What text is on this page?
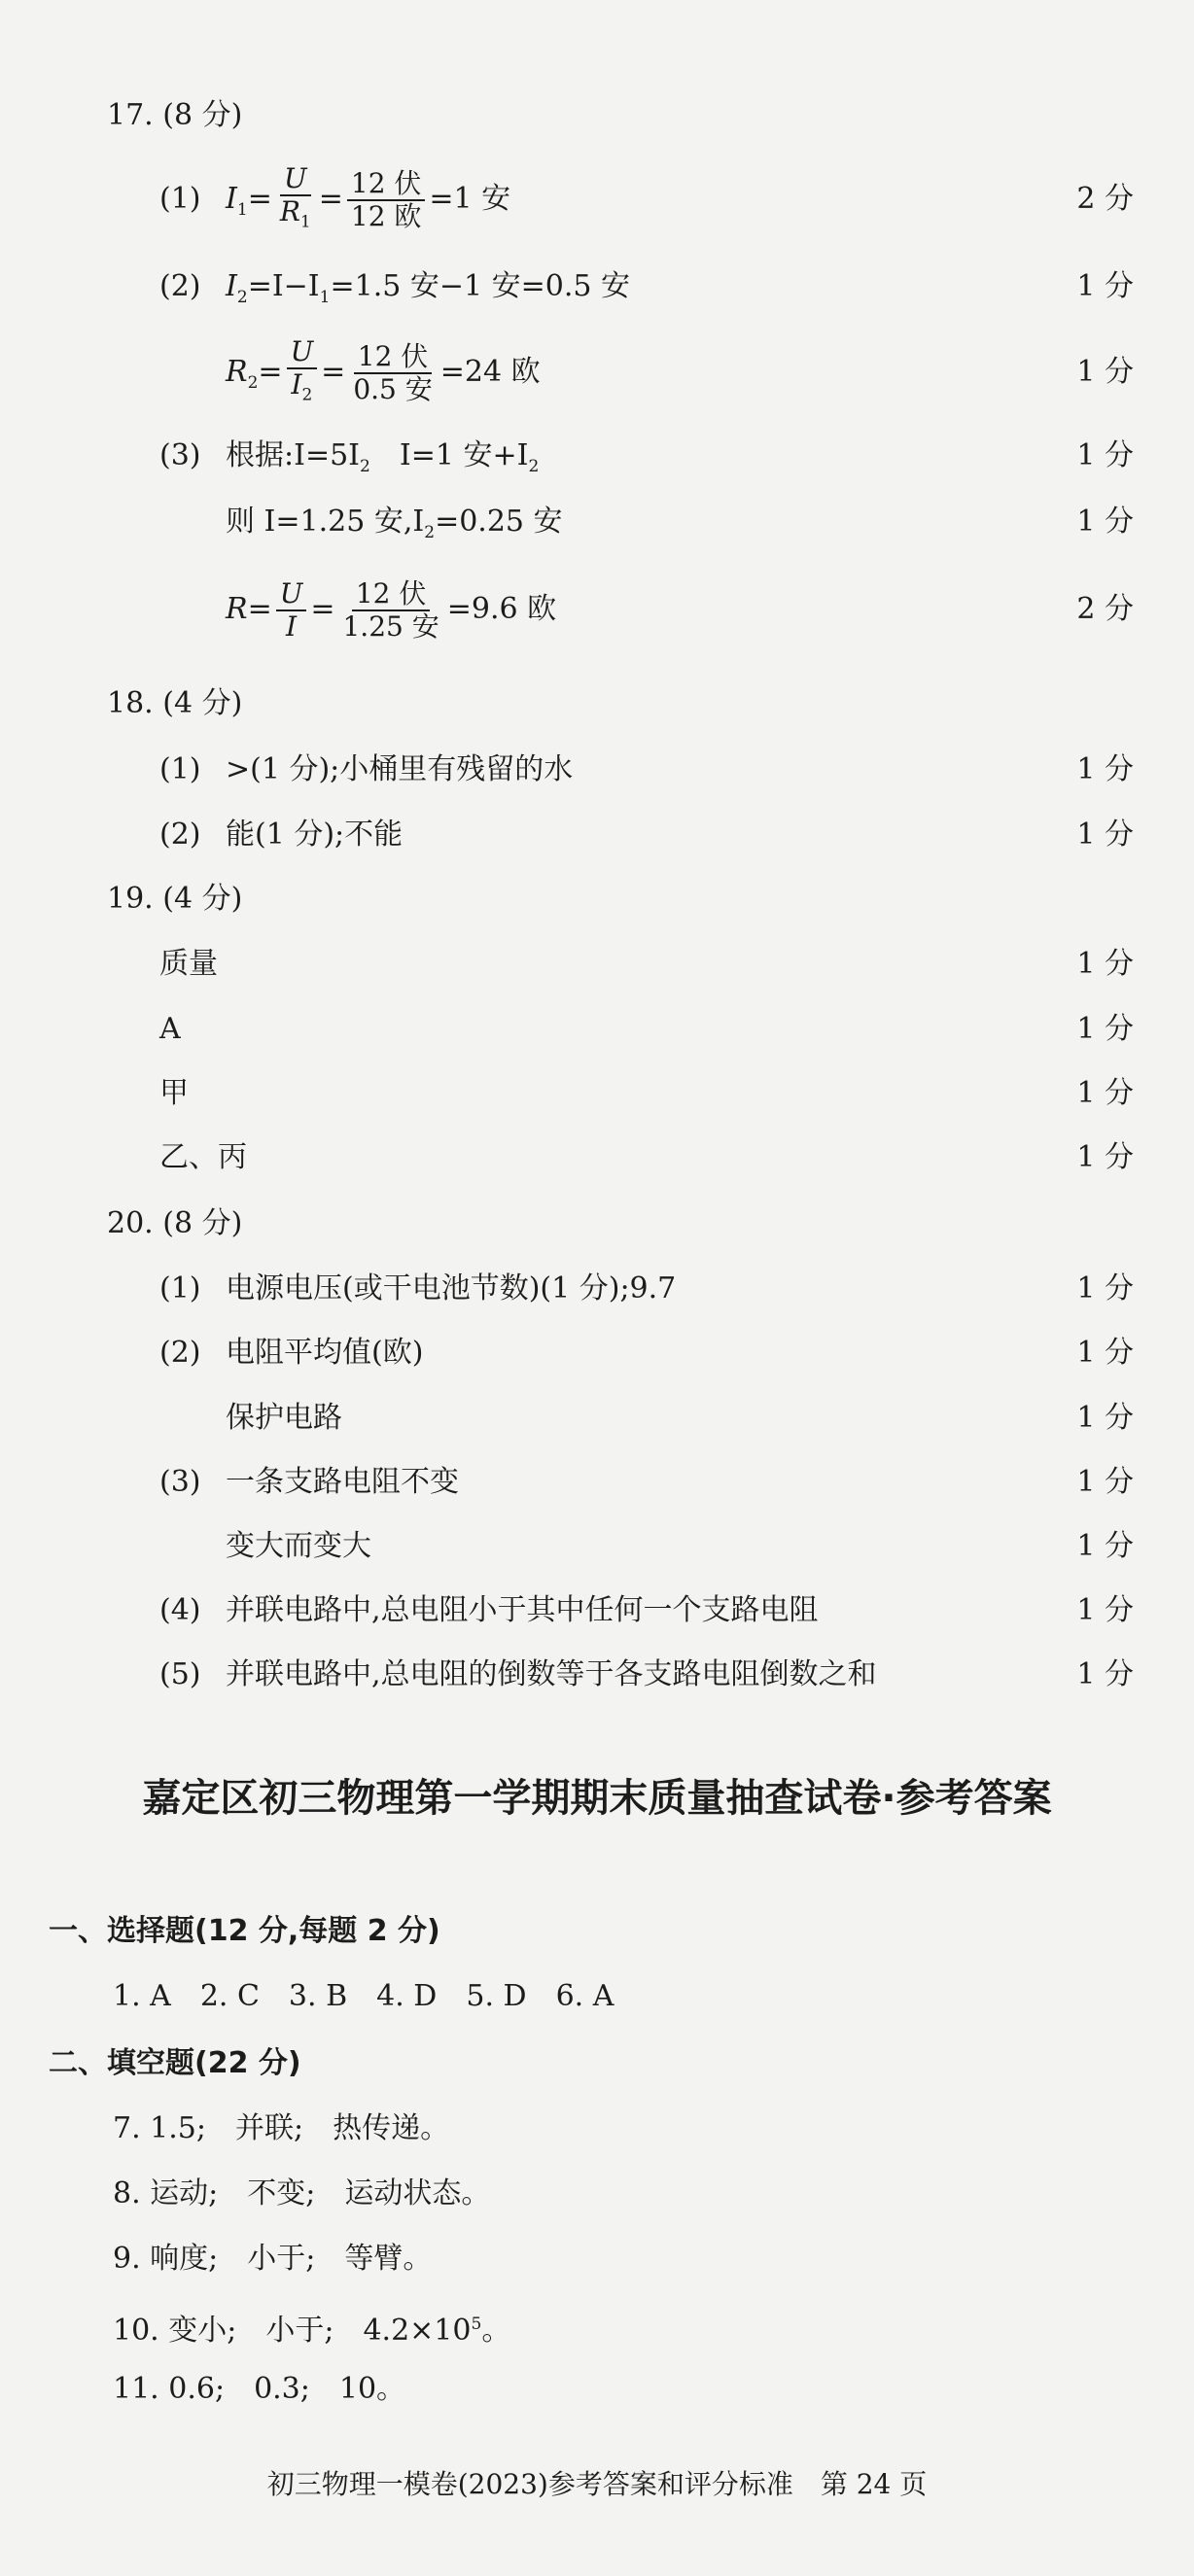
17. (8 分)
(1) $I_1= \frac{U}{R_1} = \frac{\text{12 伏}}{\text{12 欧}} =1$ 安	2 分
(2) $I_2=I-I_1=1.5$ 安−1 安=0.5 安	1 分
$R_2= \frac{U}{I_2} = \frac{\text{12 伏}}{\text{0.5 安}} =24$ 欧	1 分
(3) 根据$:I=5I_2$　I=1 安$+I_2$	1 分
则 I=1.25 安$,I_2=0.25$ 安	1 分
$R= \frac{U}{I} = \frac{\text{12 伏}}{\text{1.25 安}} =9.6$ 欧	2 分
18. (4 分)
(1) >(1 分);小桶里有残留的水	1 分
(2) 能(1 分);不能	1 分
19. (4 分)
质量	1 分
A	1 分
甲	1 分
乙、丙	1 分
20. (8 分)
(1) 电源电压(或干电池节数)(1 分);9.7	1 分
(2) 电阻平均值(欧)	1 分
保护电路	1 分
(3) 一条支路电阻不变	1 分
变大而变大	1 分
(4) 并联电路中,总电阻小于其中任何一个支路电阻	1 分
(5) 并联电路中,总电阻的倒数等于各支路电阻倒数之和	1 分
嘉定区初三物理第一学期期末质量抽查试卷·参考答案
一、选择题(12 分,每题 2 分)
1. A　2. C　3. B　4. D　5. D　6. A
二、填空题(22 分)
7. 1.5;　并联;　热传递。
8. 运动;　不变;　运动状态。
9. 响度;　小于;　等臂。
10. 变小;　小于;　$4.2\times 10^5$。
11. 0.6;　0.3;　10。
初三物理一模卷(2023)参考答案和评分标准　第 24 页
